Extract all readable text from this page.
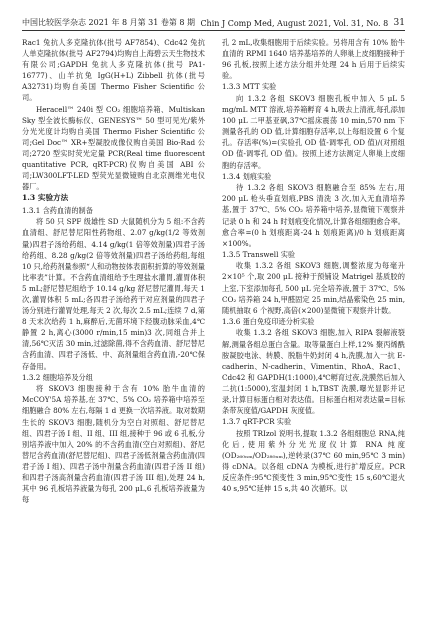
中国比较医学杂志 2021 年 8 月第 31 卷第 8 期 Chin J Comp Med, August 2021, Vol. 31, No. 8 31

Rac1 兔抗人多克隆抗体(批号 AF7854)、Cdc42 兔抗人单克隆抗体(批号 AF2794)均购自上海碧云天生物技术有限公司;GAPDH 兔抗人多克隆抗体(批号 PA1-16777)、山羊抗兔 IgG(H+L) Zibbell 抗体(批号 A32731)均购自美国 Thermo Fisher Scientific 公司。

Heracell™ 240i 型 CO₂ 细胞培养箱、Multiskan Sky 型全波长酶标仪、GENESYS™ 50 型可见光/紫外分光光度计均购自美国 Thermo Fisher Scientific 公司;Gel Doc™ XR+型凝胶成像仪购自美国 Bio-Rad 公司;2720 型实时荧光定量 PCR(Real time fluorescent quantitative PCR, qRT-PCR)仪购自美国 ABI 公司;LW300LFT-LED 型荧光显微镜购自北京测维光电仪器厂。

1.3 实验方法
1.3.1 含药血清的制备

将 50 只 SPF 级雄性 SD 大鼠随机分为 5 组:不含药血清组、舒尼替尼阳性药物组、2.07 g/kg(1/2 等效剂量)四君子汤给药组、4.14 g/kg(1 倍等效剂量)四君子汤给药组、8.28 g/kg(2 倍等效剂量)四君子汤给药组,每组 10 只,给药剂量参照“人和动物按体表面积折算的等效剂量比率表”计算。不含药血清组给予生理盐水灌胃,灌胃体积 5 mL;舒尼替尼组给予 10.14 g/kg 舒尼替尼灌胃,每天 1 次,灌胃体积 5 mL;各四君子汤给药干对应剂量的四君子汤分别进行灌胃处理,每天 2 次,每次 2.5 mL;连续 7 d,第 8 天末次给药 1 h,麻醉后,无菌环境下经腹动脉采血,4℃静置 2 h,离心(3000 r/min,15 min)3 次,同组合并上清,56℃灭活 30 min,过滤除菌,得不含药血清、舒尼替尼含药血清、四君子汤低、中、高剂量组含药血清,-20℃保存备用。

1.3.2 细胞培养及分组

将 SKOV3 细胞接种于含有 10% 胎牛血清的 McCOY'5A 培养基,在 37℃、5% CO₂ 培养箱中培养至细胞融合 80% 左右,每隔 1 d 更换一次培养液。取对数期生长的 SKOV3 细胞,随机分为空白对照组、舒尼替尼组、四君子汤 I 组、II 组、III 组,接种于 96 或 6 孔板,分别培养液中加入 20% 的不含药血清(空白对照组)、舒尼替尼含药血清(舒尼替尼组)、四君子汤低剂量含药血清(四君子汤 I 组)、四君子汤中剂量含药血清(四君子汤 II 组)和四君子汤高剂量含药血清(四君子汤 III 组),处理 24 h,其中 96 孔板培养液量为每孔 200 μL,6 孔板培养液量为每

孔 2 mL,收集细胞用于后续实验。另将用含有 10% 胎牛血清的 RPMI 1640 培养基培养的人卵巢上皮细胞接种于 96 孔板,按照上述方法分组并处理 24 h 后用于后续实验。

1.3.3 MTT 实验

向 1.3.2 各组 SKOV3 细胞孔板中加入 5 μL 5 mg/mL MTT 溶液,培养箱孵育 4 h,吸去上清液,每孔添加 100 μL 二甲基亚砜,37℃摇床震荡 10 min,570 nm 下测量各孔的 OD 值,计算细胞存活率,以上每组设置 6 个复孔。存活率(%)=(实验孔 OD 值-调零孔 OD 值)/(对照组 OD 值-调零孔 OD 值)。按照上述方法测定人卵巢上皮细胞的存活率。

1.3.4 划痕实验

待 1.3.2 各组 SKOV3 细胞融合至 85% 左右,用 200 μL 枪头垂直划痕,PBS 清洗 3 次,加入无血清培养基,置于 37℃、5% CO₂ 培养箱中培养,显微镜下观察并记录 0 h 和 24 h 时划痕变化情况,计算各组细胞愈合率。愈合率=(0 h 划痕距离-24 h 划痕距离)/0 h 划痕距离×100%。

1.3.5 Transwell 实验

收集 1.3.2 各组 SKOV3 细胞,调整浓度为每毫升 2×10⁵ 个,取 200 μL 接种于预铺设 Matrigel 基质胶的上室,下室添加每孔 500 μL 完全培养液,置于 37℃、5% CO₂ 培养箱 24 h,甲醛固定 25 min,结晶紫染色 25 min,随机抽取 6 个视野,高倍(×200)显微镜下观察并计数。

1.3.6 蛋白免疫印迹分析实验

收集 1.3.2 各组 SKOV3 细胞,加入 RIPA 裂解液裂解,测量各组总蛋白含量。取等量蛋白上样,12% 聚丙烯酰胺凝胶电泳、转膜、脱脂牛奶封闭 4 h,洗膜,加入一抗 E-cadherin、N-cadherin、Vimentin、RhoA、Rac1、Cdc42 和 GAPDH(1:1000),4℃孵育过夜,洗膜然后加入二抗(1:5000),室温封闭 1 h,TBST 洗膜,曝光显影并记录,计算目标蛋白相对表达值。目标蛋白相对表达量=目标条带灰度值/GAPDH 灰度值。

1.3.7 qRT-PCR 实验

按照 TRIzol 说明书,提取 1.3.2 各组细胞总 RNA,纯化后,使用紫外分光光度仪计算 RNA 纯度(OD₂₆₀ₙₘ/OD₂₈₀ₙₘ),逆转录(37℃ 60 min,95℃ 3 min)得 cDNA。以各组 cDNA 为模板,进行扩增反应。PCR 反应条件:95℃预变性 3 min,95℃变性 15 s,60℃退火 40 s,95℃延伸 15 s,共 40 次循环。以
